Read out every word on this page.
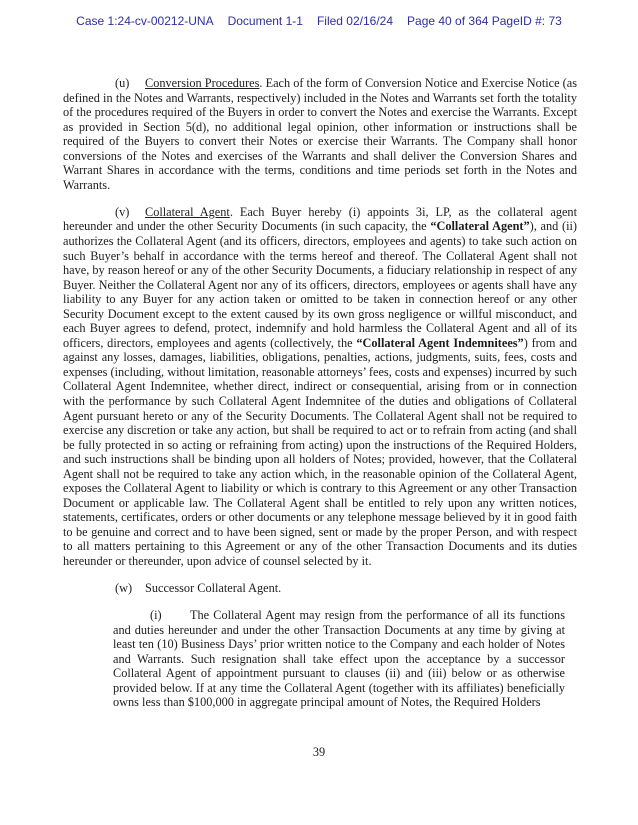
Case 1:24-cv-00212-UNA Document 1-1 Filed 02/16/24 Page 40 of 364 PageID #: 73

(u) Conversion Procedures. Each of the form of Conversion Notice and Exercise Notice (as defined in the Notes and Warrants, respectively) included in the Notes and Warrants set forth the totality of the procedures required of the Buyers in order to convert the Notes and exercise the Warrants. Except as provided in Section 5(d), no additional legal opinion, other information or instructions shall be required of the Buyers to convert their Notes or exercise their Warrants. The Company shall honor conversions of the Notes and exercises of the Warrants and shall deliver the Conversion Shares and Warrant Shares in accordance with the terms, conditions and time periods set forth in the Notes and Warrants.

(v) Collateral Agent. Each Buyer hereby (i) appoints 3i, LP, as the collateral agent hereunder and under the other Security Documents (in such capacity, the “Collateral Agent”), and (ii) authorizes the Collateral Agent (and its officers, directors, employees and agents) to take such action on such Buyer’s behalf in accordance with the terms hereof and thereof. The Collateral Agent shall not have, by reason hereof or any of the other Security Documents, a fiduciary relationship in respect of any Buyer. Neither the Collateral Agent nor any of its officers, directors, employees or agents shall have any liability to any Buyer for any action taken or omitted to be taken in connection hereof or any other Security Document except to the extent caused by its own gross negligence or willful misconduct, and each Buyer agrees to defend, protect, indemnify and hold harmless the Collateral Agent and all of its officers, directors, employees and agents (collectively, the “Collateral Agent Indemnitees”) from and against any losses, damages, liabilities, obligations, penalties, actions, judgments, suits, fees, costs and expenses (including, without limitation, reasonable attorneys’ fees, costs and expenses) incurred by such Collateral Agent Indemnitee, whether direct, indirect or consequential, arising from or in connection with the performance by such Collateral Agent Indemnitee of the duties and obligations of Collateral Agent pursuant hereto or any of the Security Documents. The Collateral Agent shall not be required to exercise any discretion or take any action, but shall be required to act or to refrain from acting (and shall be fully protected in so acting or refraining from acting) upon the instructions of the Required Holders, and such instructions shall be binding upon all holders of Notes; provided, however, that the Collateral Agent shall not be required to take any action which, in the reasonable opinion of the Collateral Agent, exposes the Collateral Agent to liability or which is contrary to this Agreement or any other Transaction Document or applicable law. The Collateral Agent shall be entitled to rely upon any written notices, statements, certificates, orders or other documents or any telephone message believed by it in good faith to be genuine and correct and to have been signed, sent or made by the proper Person, and with respect to all matters pertaining to this Agreement or any of the other Transaction Documents and its duties hereunder or thereunder, upon advice of counsel selected by it.

(w) Successor Collateral Agent.

(i) The Collateral Agent may resign from the performance of all its functions and duties hereunder and under the other Transaction Documents at any time by giving at least ten (10) Business Days’ prior written notice to the Company and each holder of Notes and Warrants. Such resignation shall take effect upon the acceptance by a successor Collateral Agent of appointment pursuant to clauses (ii) and (iii) below or as otherwise provided below. If at any time the Collateral Agent (together with its affiliates) beneficially owns less than $100,000 in aggregate principal amount of Notes, the Required Holders

39
